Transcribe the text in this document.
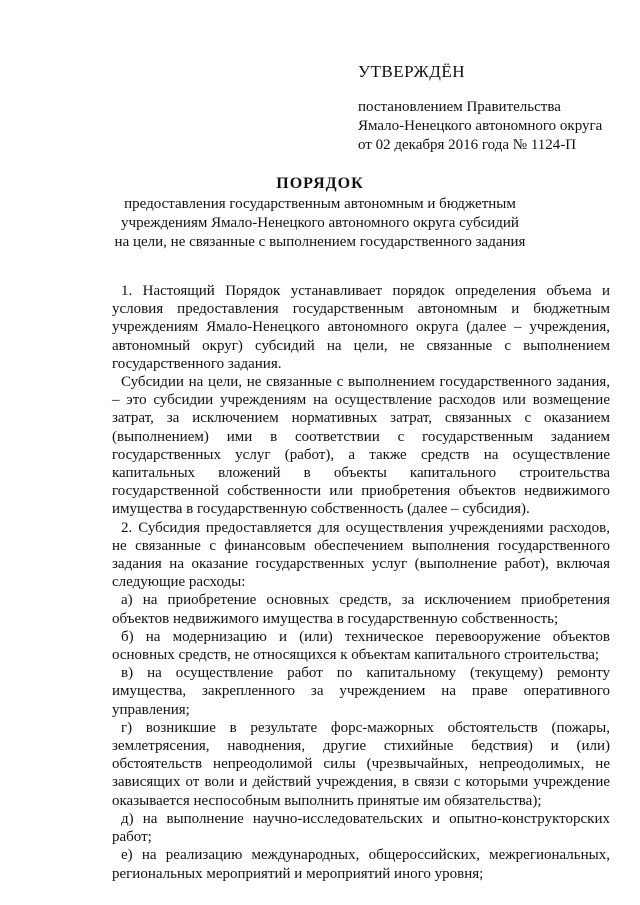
УТВЕРЖДЁН
постановлением Правительства
Ямало-Ненецкого автономного округа
от 02 декабря 2016 года № 1124-П
ПОРЯДОК
предоставления государственным автономным и бюджетным
учреждениям Ямало-Ненецкого автономного округа субсидий
на цели, не связанные с выполнением государственного задания

1. Настоящий Порядок устанавливает порядок определения объема и условия предоставления государственным автономным и бюджетным учреждениям Ямало-Ненецкого автономного округа (далее – учреждения, автономный округ) субсидий на цели, не связанные с выполнением государственного задания.

Субсидии на цели, не связанные с выполнением государственного задания, – это субсидии учреждениям на осуществление расходов или возмещение затрат, за исключением нормативных затрат, связанных с оказанием (выполнением) ими в соответствии с государственным заданием государственных услуг (работ), а также средств на осуществление капитальных вложений в объекты капитального строительства государственной собственности или приобретения объектов недвижимого имущества в государственную собственность (далее – субсидия).

2. Субсидия предоставляется для осуществления учреждениями расходов, не связанные с финансовым обеспечением выполнения государственного задания на оказание государственных услуг (выполнение работ), включая следующие расходы:

а) на приобретение основных средств, за исключением приобретения объектов недвижимого имущества в государственную собственность;

б) на модернизацию и (или) техническое перевооружение объектов основных средств, не относящихся к объектам капитального строительства;

в) на осуществление работ по капитальному (текущему) ремонту имущества, закрепленного за учреждением на праве оперативного управления;

г) возникшие в результате форс-мажорных обстоятельств (пожары, землетрясения, наводнения, другие стихийные бедствия) и (или) обстоятельств непреодолимой силы (чрезвычайных, непреодолимых, не зависящих от воли и действий учреждения, в связи с которыми учреждение оказывается неспособным выполнить принятые им обязательства);

д) на выполнение научно-исследовательских и опытно-конструкторских работ;

е) на реализацию международных, общероссийских, межрегиональных, региональных мероприятий и мероприятий иного уровня;
